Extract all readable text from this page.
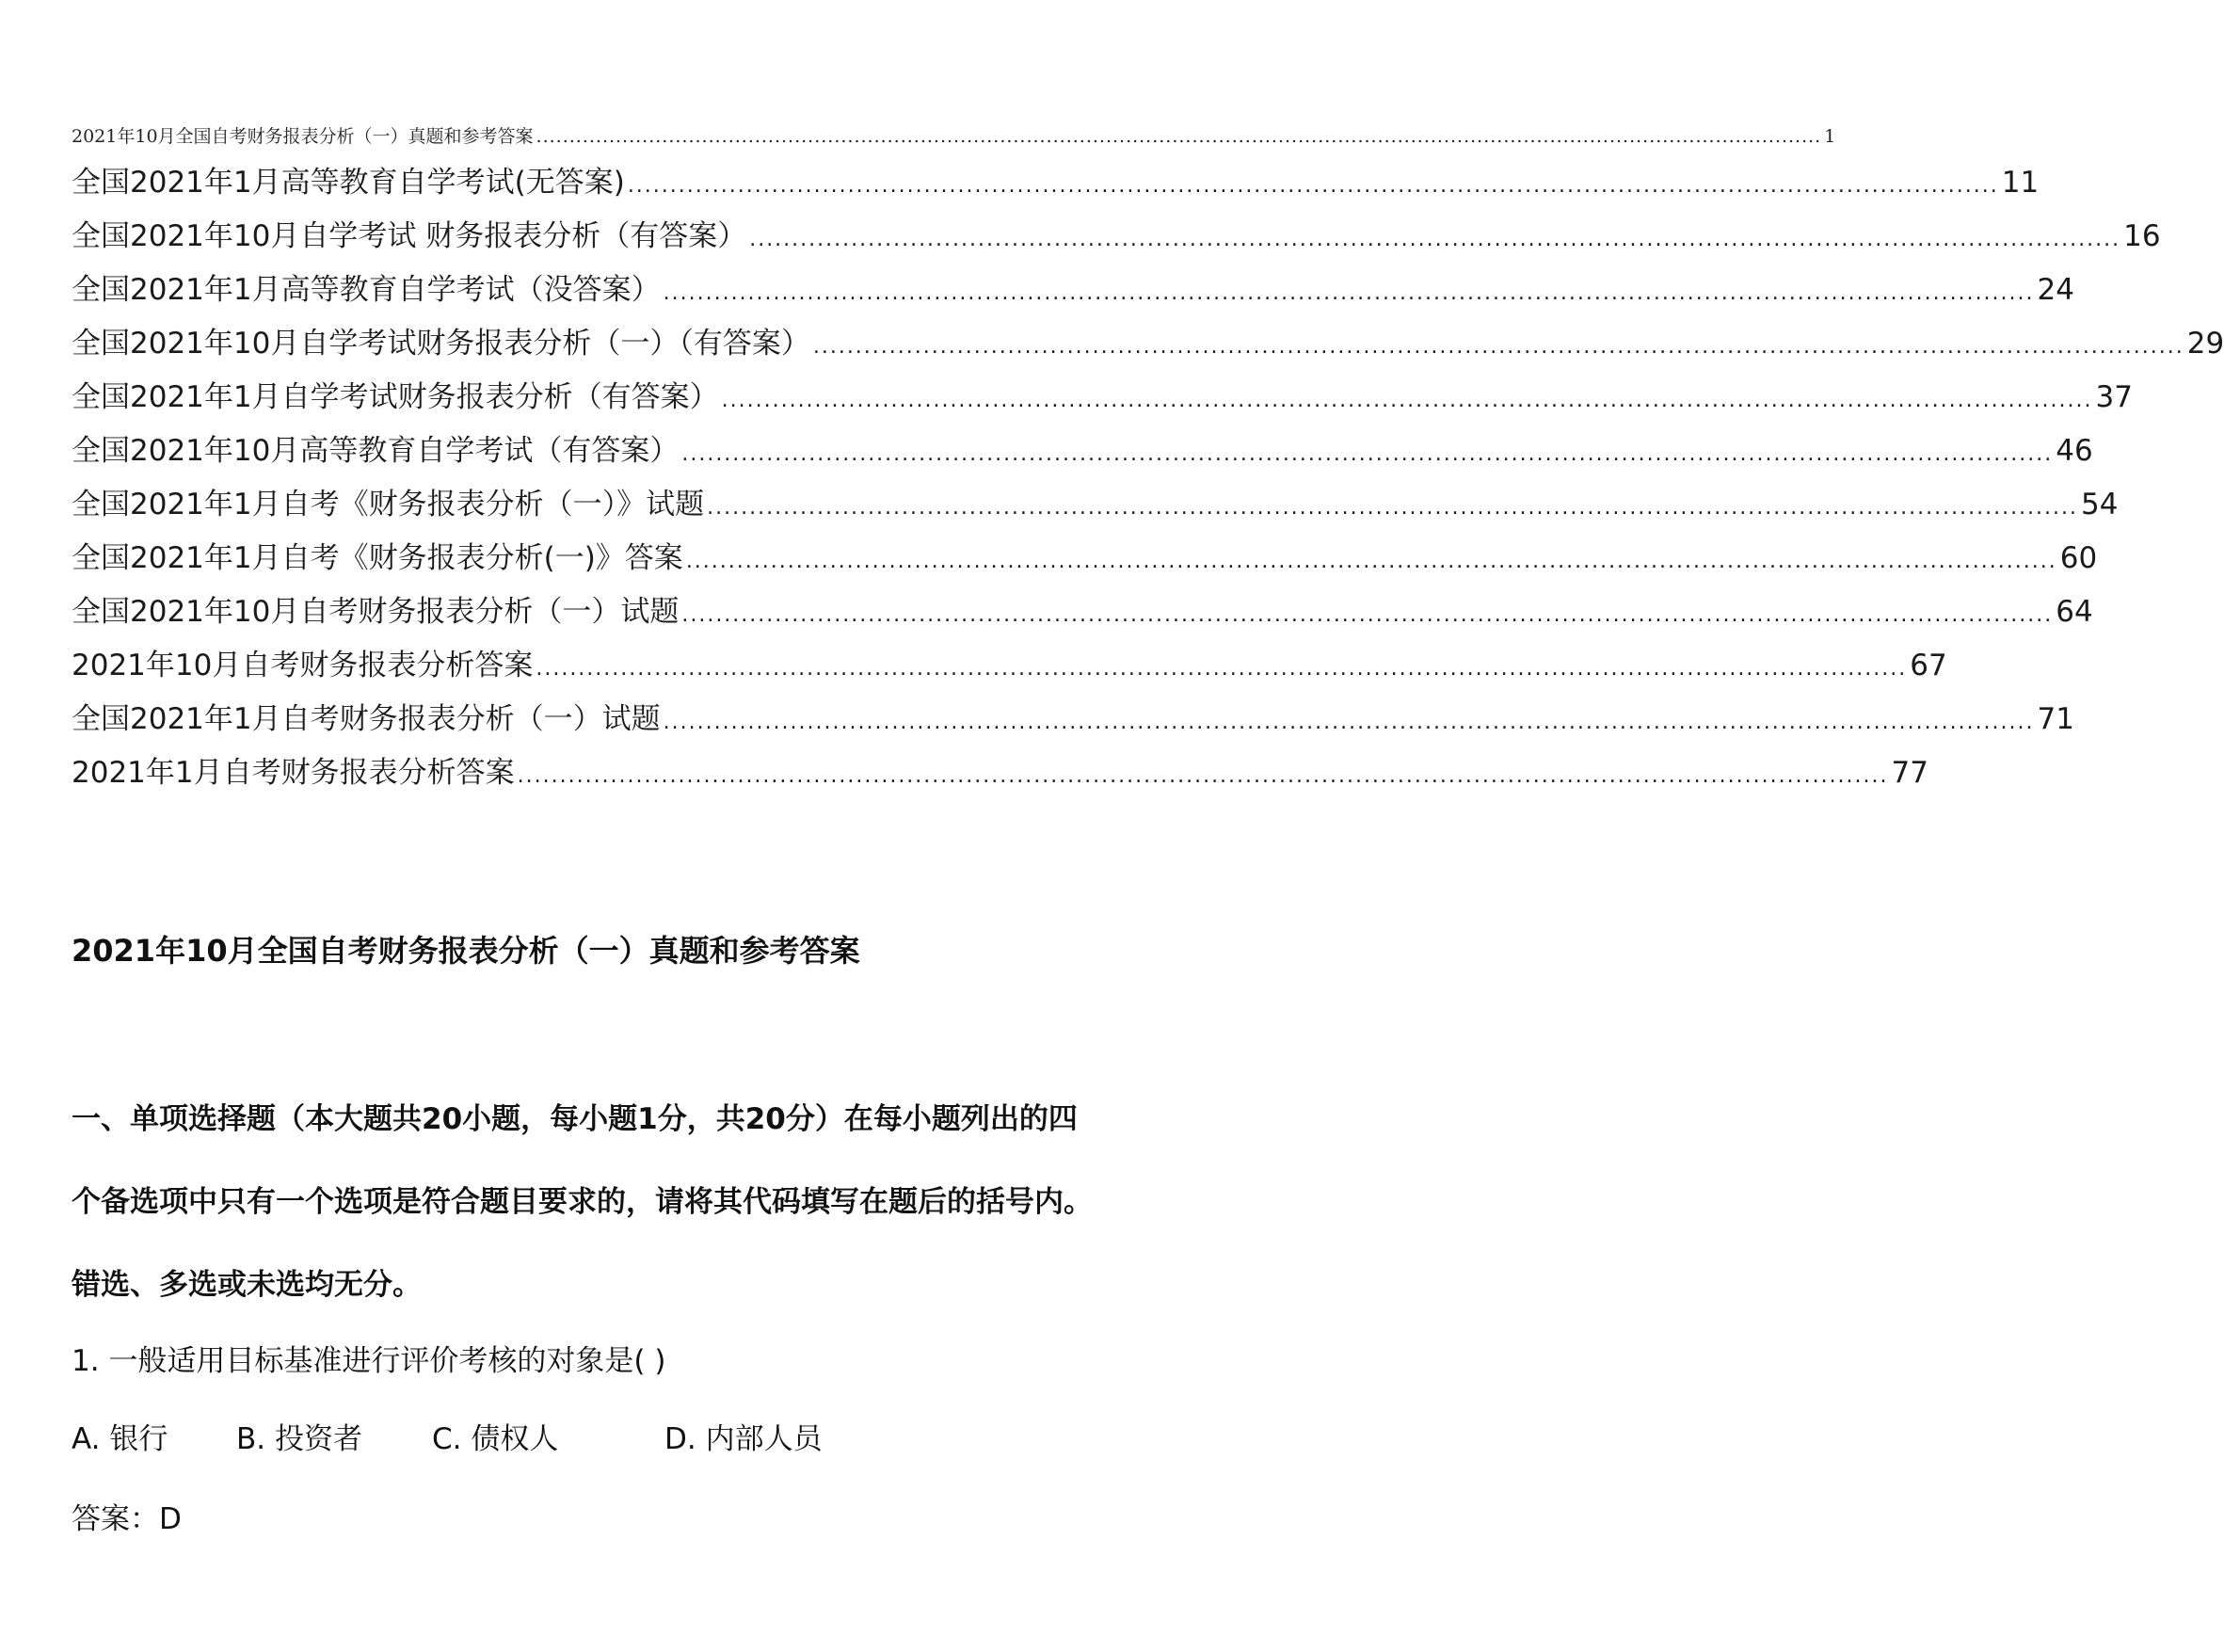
2021年10月全国自考财务报表分析（一）真题和参考答案 .................................................................................................................................................................................................. 1
全国2021年1月高等教育自学考试(无答案) .................................................................................................................................................................. 11
全国2021年10月自学考试 财务报表分析（有答案） .................................................................................................................................................................. 16
全国2021年1月高等教育自学考试（没答案） .................................................................................................................................................................. 24
全国2021年10月自学考试财务报表分析（一）（有答案） .................................................................................................................................................................. 29
全国2021年1月自学考试财务报表分析（有答案） .................................................................................................................................................................. 37
全国2021年10月高等教育自学考试（有答案） .................................................................................................................................................................. 46
全国2021年1月自考《财务报表分析（一）》试题 .................................................................................................................................................................. 54
全国2021年1月自考《财务报表分析(一)》答案 .................................................................................................................................................................. 60
全国2021年10月自考财务报表分析（一）试题 .................................................................................................................................................................. 64
2021年10月自考财务报表分析答案 .................................................................................................................................................................. 67
全国2021年1月自考财务报表分析（一）试题 .................................................................................................................................................................. 71
2021年1月自考财务报表分析答案 .................................................................................................................................................................. 77
2021年10月全国自考财务报表分析（一）真题和参考答案
一、单项选择题（本大题共20小题，每小题1分，共20分）在每小题列出的四个备选项中只有一个选项是符合题目要求的，请将其代码填写在题后的括号内。错选、多选或未选均无分。
1. 一般适用目标基准进行评价考核的对象是( )
A. 银行 B. 投资者 C. 债权人	D. 内部人员
答案：D
